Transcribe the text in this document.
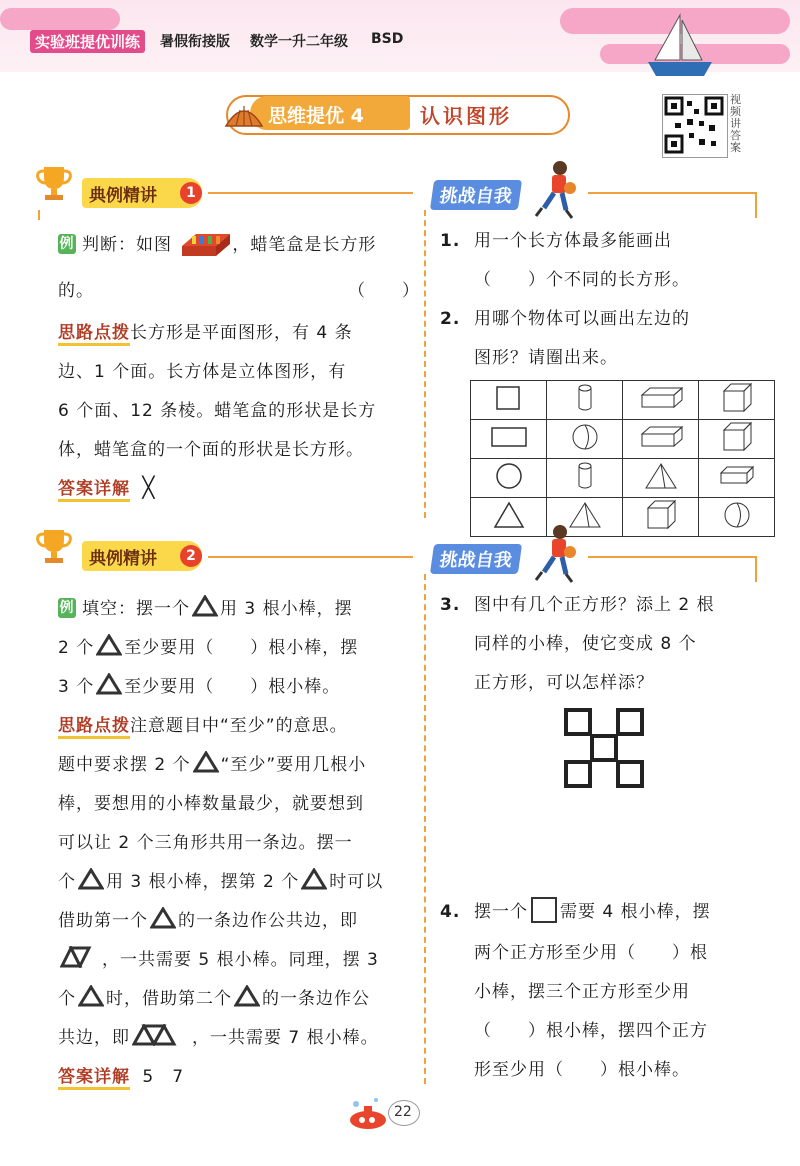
实验班提优训练	暑假衔接版 数学一升二年级 BSD
思维提优 4	认识图形
视频讲答案
典例精讲	1	挑战自我
例 判断：如图	，蜡笔盒是长方形
的。	（　　）
思路点拨长方形是平面图形，有 4 条
边、1 个面。长方体是立体图形，有
6 个面、12 条棱。蜡笔盒的形状是长方
体，蜡笔盒的一个面的形状是长方形。
答案详解 ╳
1. 用一个长方体最多能画出
（　　）个不同的长方形。
2. 用哪个物体可以画出左边的
图形？请圈出来。

典例精讲	2	挑战自我
例 填空：摆一个 用 3 根小棒，摆
2 个 至少要用（　　）根小棒，摆
3 个 至少要用（　　）根小棒。
思路点拨注意题目中“至少”的意思。
题中要求摆 2 个 “至少”要用几根小
棒，要想用的小棒数量最少，就要想到
可以让 2 个三角形共用一条边。摆一
个 用 3 根小棒，摆第 2 个 时可以
借助第一个 的一条边作公共边，即
，一共需要 5 根小棒。同理，摆 3
个 时，借助第二个 的一条边作公
共边，即	，一共需要 7 根小棒。
答案详解 5　7
3. 图中有几个正方形？添上 2 根
同样的小棒，使它变成 8 个
正方形，可以怎样添？
4. 摆一个 需要 4 根小棒，摆
两个正方形至少用（　　）根
小棒，摆三个正方形至少用
（　　）根小棒，摆四个正方
形至少用（　　）根小棒。
22
